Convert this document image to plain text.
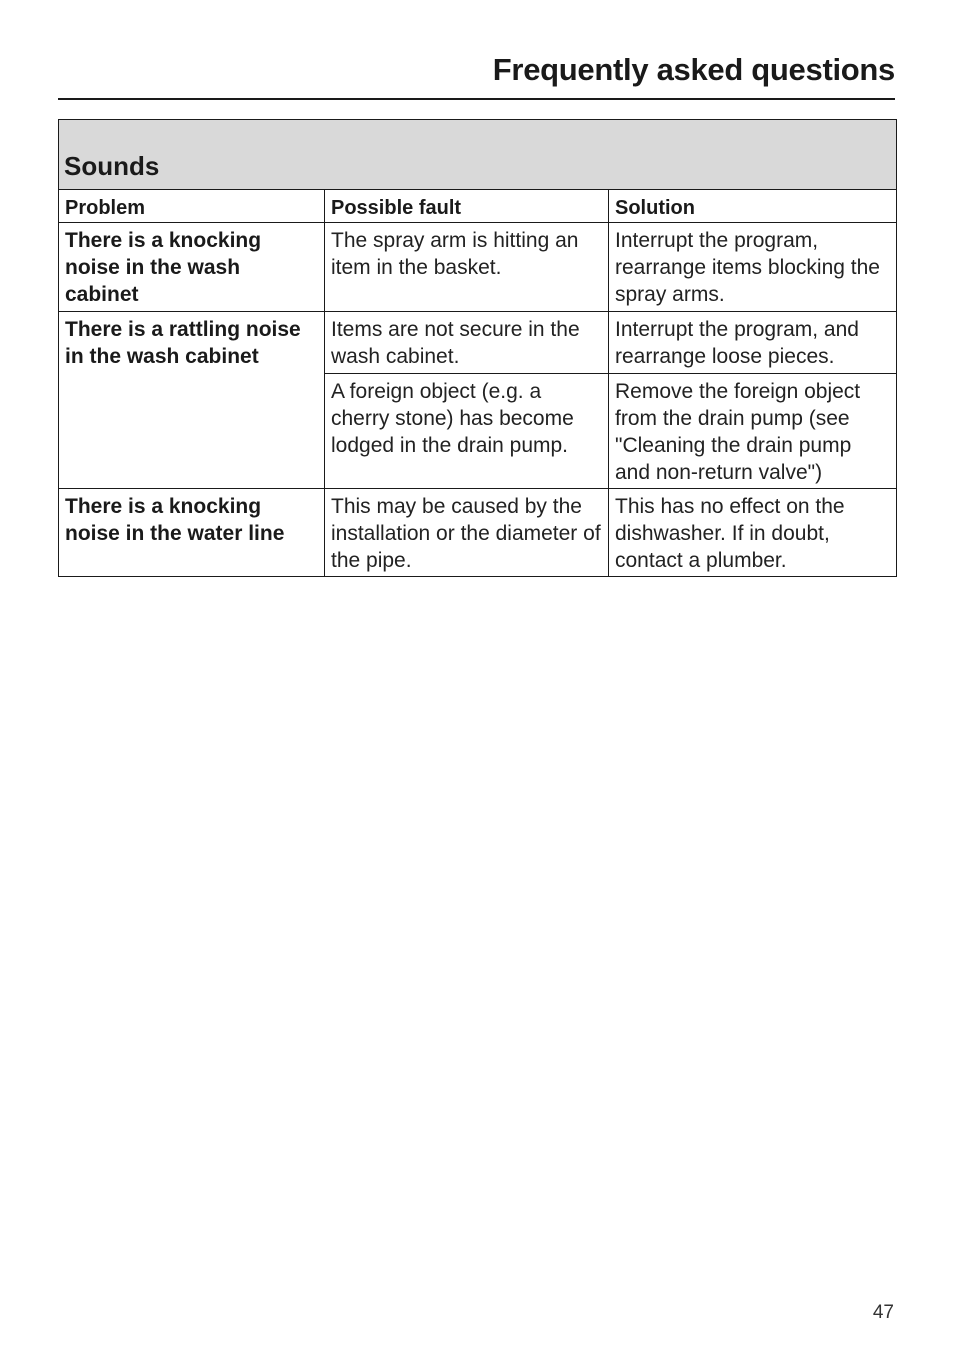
Frequently asked questions
Sounds		

Problem	Possible fault	Solution
There is a knocking noise in the wash cabinet	The spray arm is hitting an item in the basket.	Interrupt the program, rearrange items blocking the spray arms.
There is a rattling noise in the wash cabinet	Items are not secure in the wash cabinet.	Interrupt the program, and rearrange loose pieces.
	A foreign object (e.g. a cherry stone) has become lodged in the drain pump.	Remove the foreign object from the drain pump (see "Cleaning the drain pump and non-return valve")
There is a knocking noise in the water line	This may be caused by the installation or the diameter of the pipe.	This has no effect on the dishwasher. If in doubt, contact a plumber.
47
